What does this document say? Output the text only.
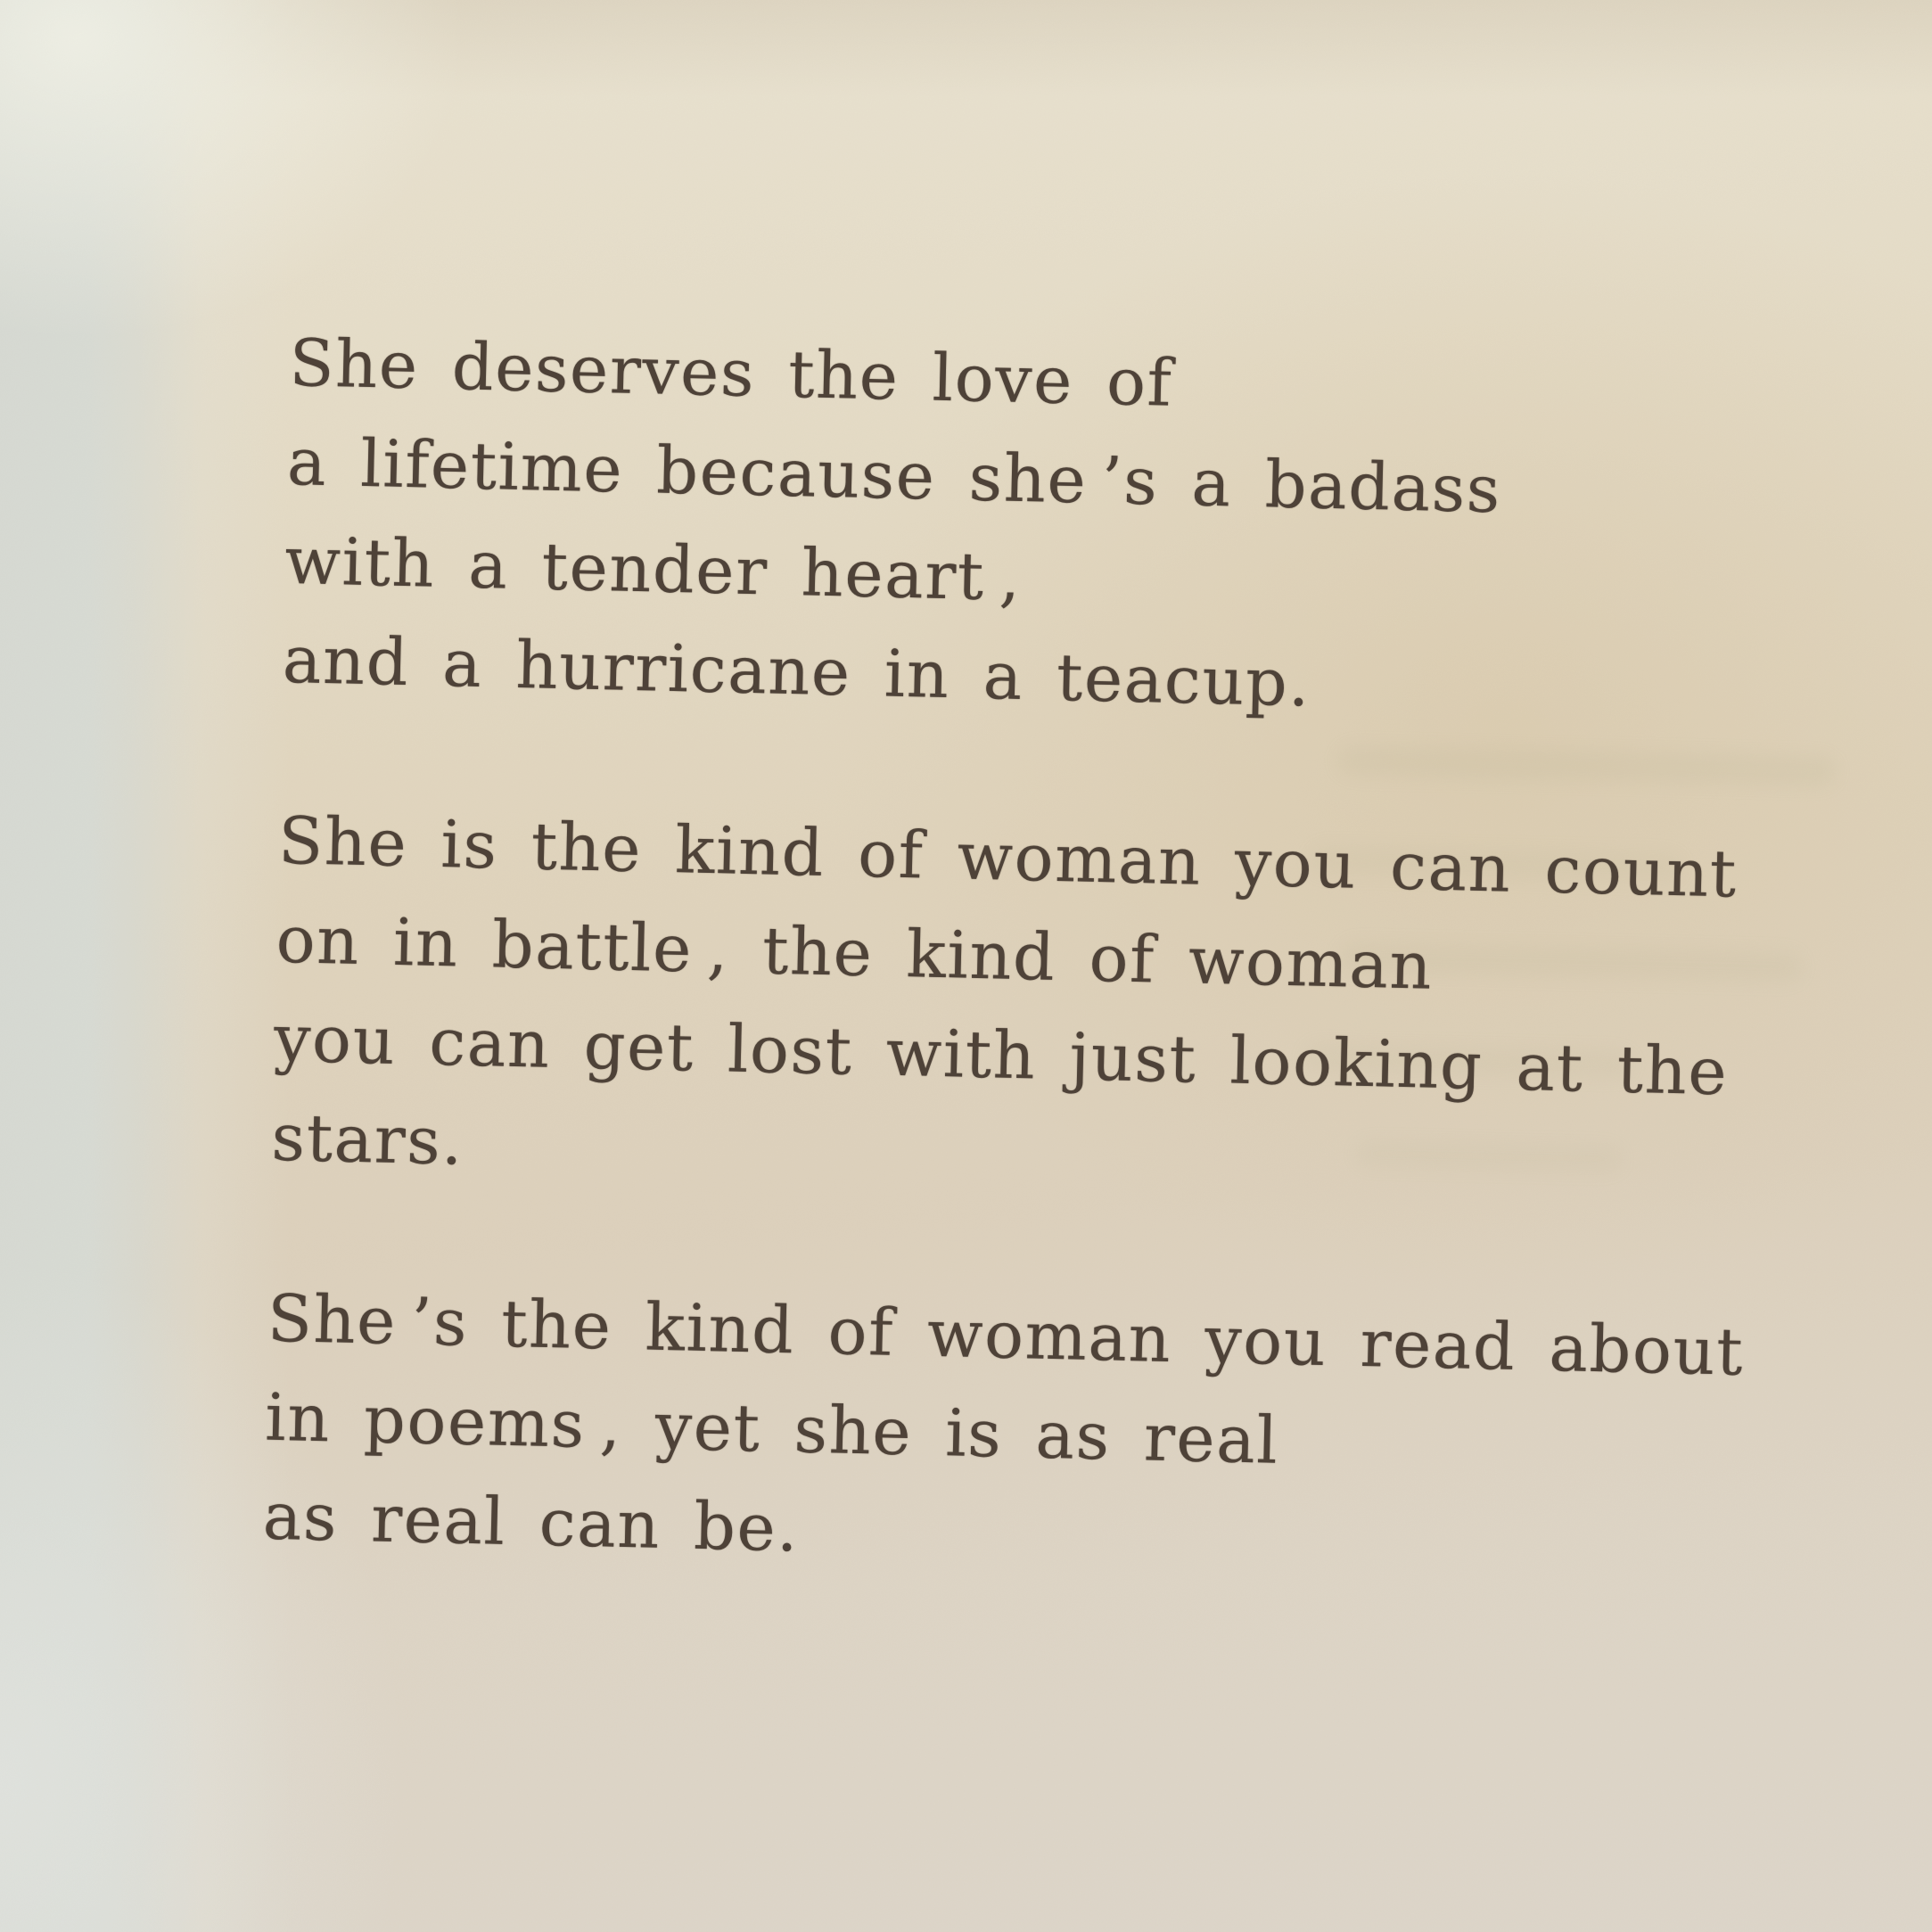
She deserves the love of
a lifetime because she ’s a badass
with a tender heart ,
and a hurricane in a teacup.
She is the kind of woman you can count
on in battle , the kind of woman
you can get lost with just looking at the
stars.
She ’s the kind of woman you read about
in poems , yet she is as real
as real can be.
